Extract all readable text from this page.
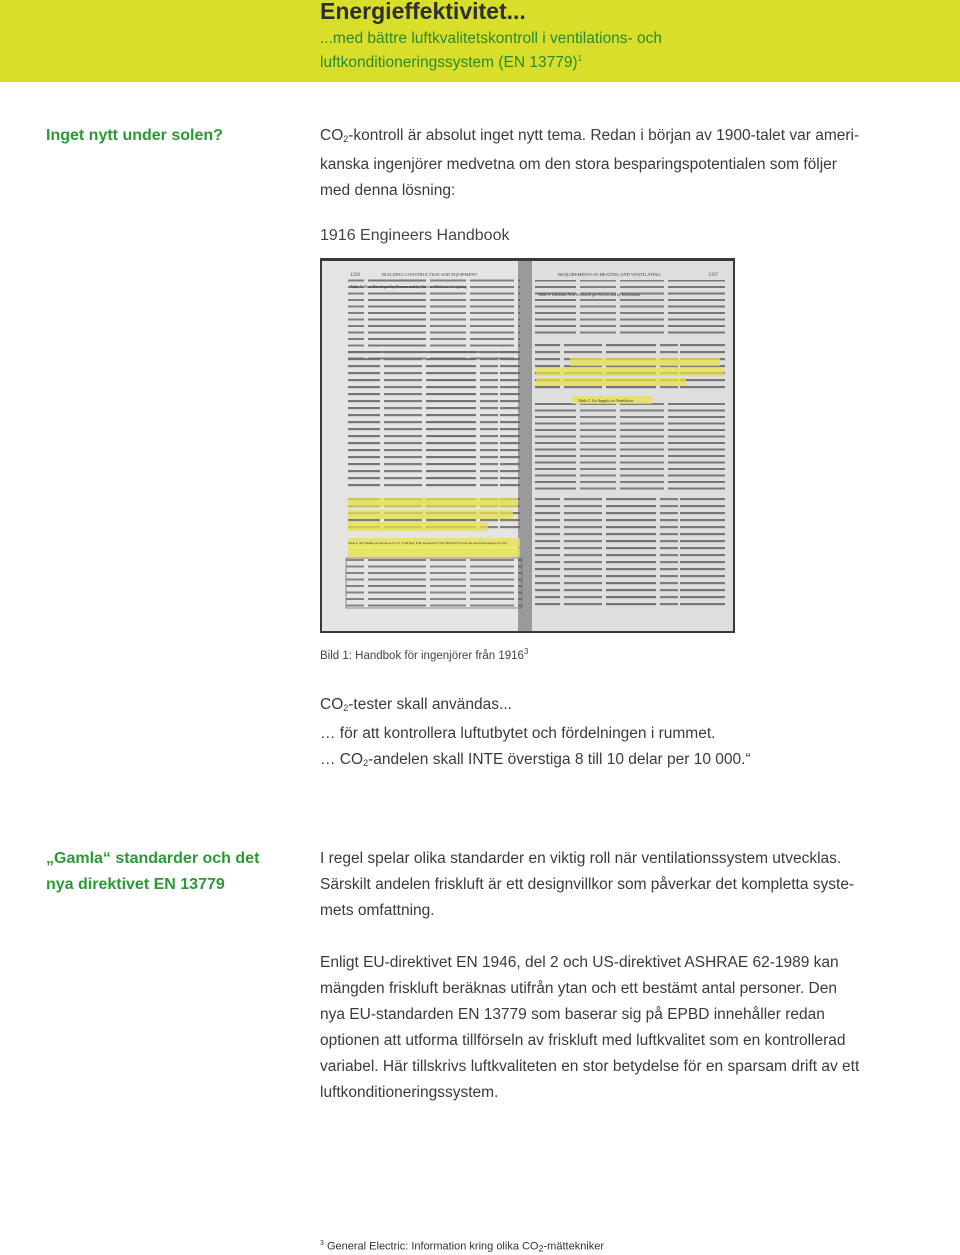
Energieffektivitet...
...med bättre luftkvalitetskontroll i ventilations- och
luftkonditioneringssystem (EN 13779)$^1$
Inget nytt under solen?	$CO_2$-kontroll är absolut inget nytt tema. Redan i början av 1900-talet var ameri-
kanska ingenjörer medvetna om den stora besparingspotentialen som följer
med denna lösning:
1916 Engineers Handbook
1336	BUILDING CONSTRUCTION AND EQUIPMENT	REQUIREMENTS IN HEATING AND VENTILATING	1337
Table 3. Heat Developed by Persons and by Various Methods of Lighting
Table 4. Carbonic Acid Produced per Person and by Illuminants
Table 5. Air Supply for Ventilation
Table 2. Air Volume per Person in Cu. Ft. at 68 Deg. Fahr. Required if CO2 Shall Not Exceed the Given Percentages of CO2
Bild 1: Handbok för ingenjörer från 1916$^3$
$CO_2$-tester skall användas...
… för att kontrollera luftutbytet och fördelningen i rummet.
… $CO_2$-andelen skall INTE överstiga 8 till 10 delar per 10 000.“
„Gamla“ standarder och det
nya direktivet EN 13779
I regel spelar olika standarder en viktig roll när ventilationssystem utvecklas.
Särskilt andelen friskluft är ett designvillkor som påverkar det kompletta syste-
mets omfattning.
Enligt EU-direktivet EN 1946, del 2 och US-direktivet ASHRAE 62-1989 kan
mängden friskluft beräknas utifrån ytan och ett bestämt antal personer. Den
nya EU-standarden EN 13779 som baserar sig på EPBD innehåller redan
optionen att utforma tillförseln av friskluft med luftkvalitet som en kontrollerad
variabel. Här tillskrivs luftkvaliteten en stor betydelse för en sparsam drift av ett
luftkonditioneringssystem.
$^3$ General Electric: Information kring olika $CO_2$-mättekniker
